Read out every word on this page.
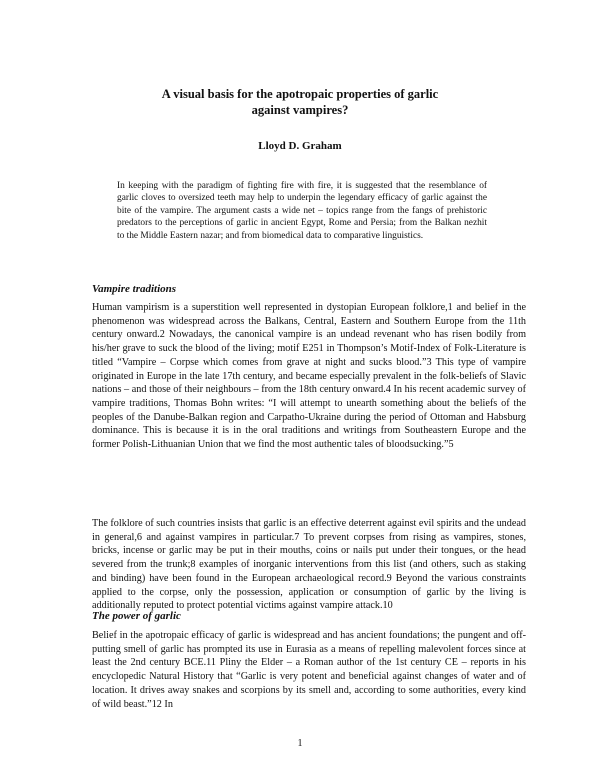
A visual basis for the apotropaic properties of garlic
against vampires?
Lloyd D. Graham
In keeping with the paradigm of fighting fire with fire, it is suggested that the resemblance of garlic cloves to oversized teeth may help to underpin the legendary efficacy of garlic against the bite of the vampire. The argument casts a wide net – topics range from the fangs of prehistoric predators to the perceptions of garlic in ancient Egypt, Rome and Persia; from the Balkan nezhit to the Middle Eastern nazar; and from biomedical data to comparative linguistics.
Vampire traditions
Human vampirism is a superstition well represented in dystopian European folklore,1 and belief in the phenomenon was widespread across the Balkans, Central, Eastern and Southern Europe from the 11th century onward.2 Nowadays, the canonical vampire is an undead revenant who has risen bodily from his/her grave to suck the blood of the living; motif E251 in Thompson’s Motif-Index of Folk-Literature is titled “Vampire – Corpse which comes from grave at night and sucks blood.”3 This type of vampire originated in Europe in the late 17th century, and became especially prevalent in the folk-beliefs of Slavic nations – and those of their neighbours – from the 18th century onward.4 In his recent academic survey of vampire traditions, Thomas Bohn writes: “I will attempt to unearth something about the beliefs of the peoples of the Danube-Balkan region and Carpatho-Ukraine during the period of Ottoman and Habsburg dominance. This is because it is in the oral traditions and writings from Southeastern Europe and the former Polish-Lithuanian Union that we find the most authentic tales of bloodsucking.”5
The folklore of such countries insists that garlic is an effective deterrent against evil spirits and the undead in general,6 and against vampires in particular.7 To prevent corpses from rising as vampires, stones, bricks, incense or garlic may be put in their mouths, coins or nails put under their tongues, or the head severed from the trunk;8 examples of inorganic interventions from this list (and others, such as staking and binding) have been found in the European archaeological record.9 Beyond the various constraints applied to the corpse, only the possession, application or consumption of garlic by the living is additionally reputed to protect potential victims against vampire attack.10
The power of garlic
Belief in the apotropaic efficacy of garlic is widespread and has ancient foundations; the pungent and off-putting smell of garlic has prompted its use in Eurasia as a means of repelling malevolent forces since at least the 2nd century BCE.11 Pliny the Elder – a Roman author of the 1st century CE – reports in his encyclopedic Natural History that “Garlic is very potent and beneficial against changes of water and of location. It drives away snakes and scorpions by its smell and, according to some authorities, every kind of wild beast.”12 In
1
